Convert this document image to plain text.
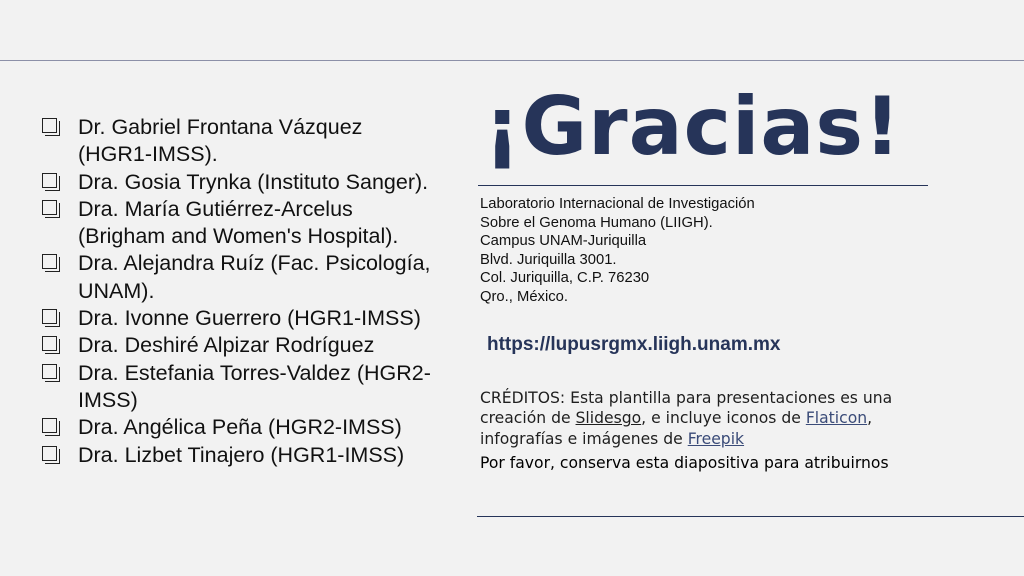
Dr. Gabriel Frontana Vázquez (HGR1-IMSS).
Dra. Gosia Trynka (Instituto Sanger).
Dra. María Gutiérrez-Arcelus (Brigham and Women's Hospital).
Dra. Alejandra Ruíz (Fac. Psicología, UNAM).
Dra. Ivonne Guerrero (HGR1-IMSS)
Dra. Deshiré Alpizar Rodríguez
Dra. Estefania Torres-Valdez (HGR2-IMSS)
Dra. Angélica Peña (HGR2-IMSS)
Dra. Lizbet Tinajero (HGR1-IMSS)
¡Gracias!
Laboratorio Internacional de Investigación
Sobre el Genoma Humano (LIIGH).
Campus UNAM-Juriquilla
Blvd. Juriquilla 3001.
Col. Juriquilla, C.P. 76230
Qro., México.
https://lupusrgmx.liigh.unam.mx
CRÉDITOS: Esta plantilla para presentaciones es una creación de Slidesgo, e incluye iconos de Flaticon, infografías e imágenes de Freepik
Por favor, conserva esta diapositiva para atribuirnos
